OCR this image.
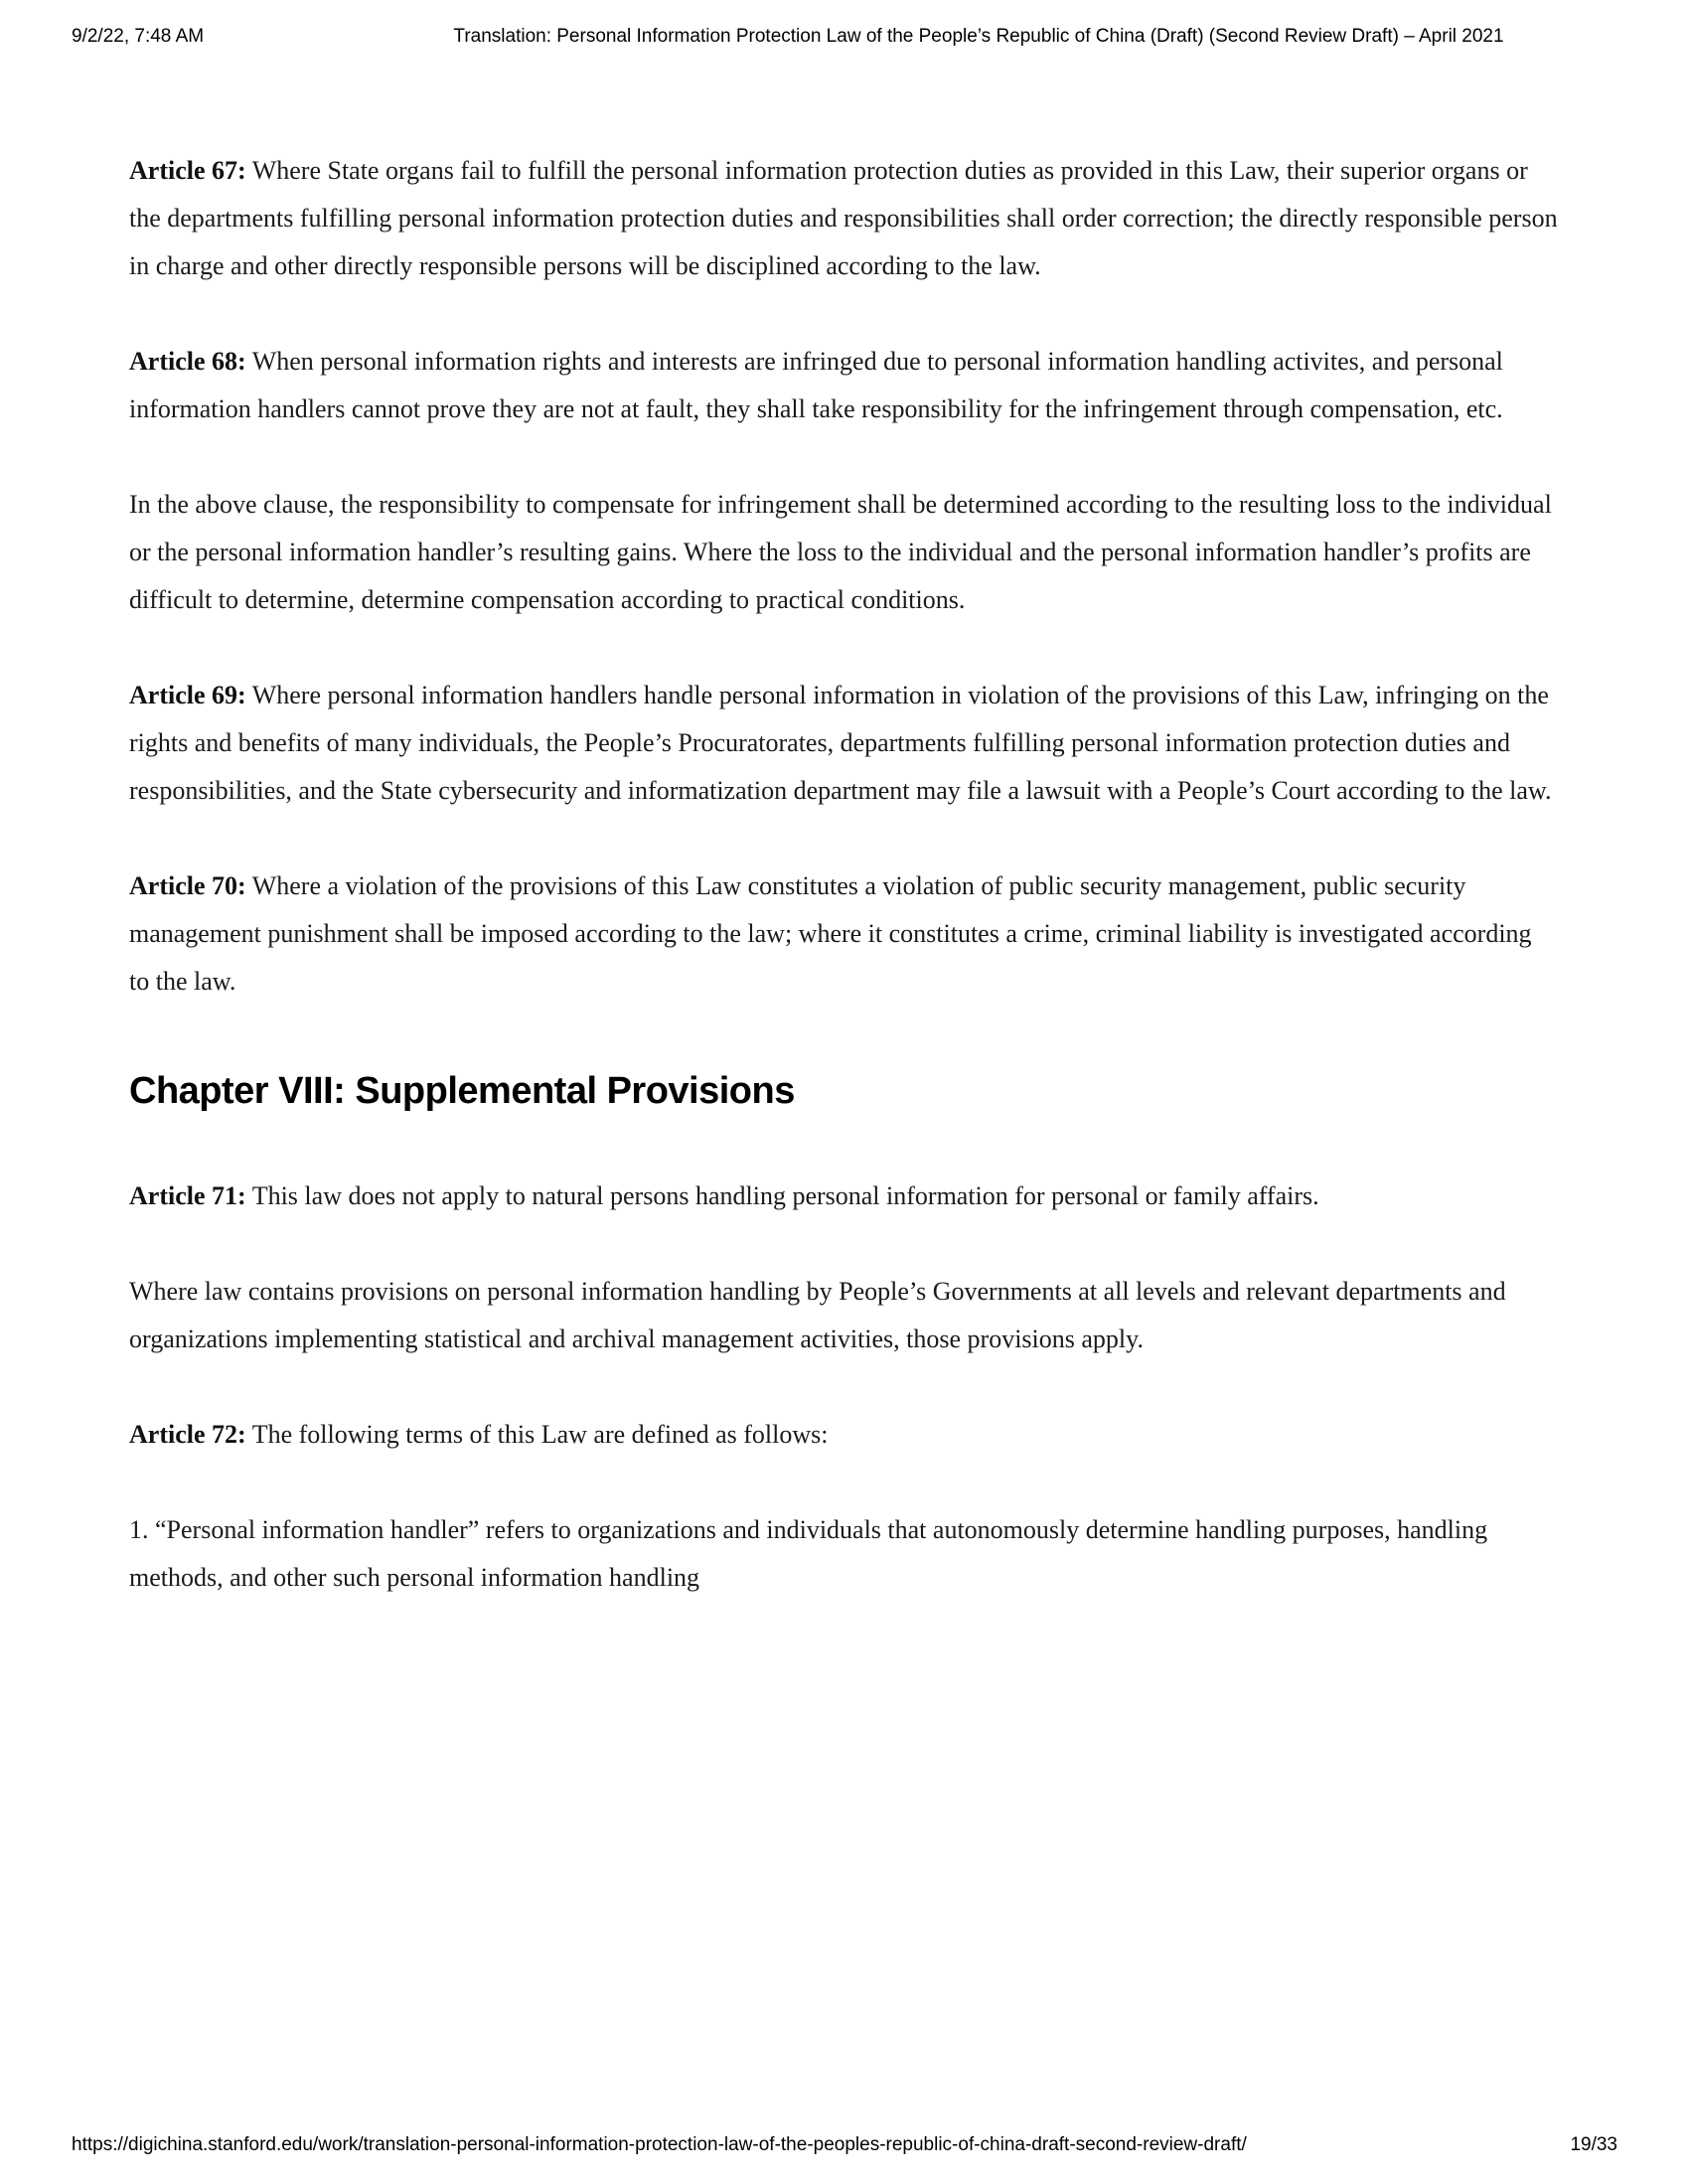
9/2/22, 7:48 AM	Translation: Personal Information Protection Law of the People’s Republic of China (Draft) (Second Review Draft) – April 2021

Article 67: Where State organs fail to fulfill the personal information protection duties as provided in this Law, their superior organs or the departments fulfilling personal information protection duties and responsibilities shall order correction; the directly responsible person in charge and other directly responsible persons will be disciplined according to the law.

Article 68: When personal information rights and interests are infringed due to personal information handling activites, and personal information handlers cannot prove they are not at fault, they shall take responsibility for the infringement through compensation, etc.

In the above clause, the responsibility to compensate for infringement shall be determined according to the resulting loss to the individual or the personal information handler’s resulting gains. Where the loss to the individual and the personal information handler’s profits are difficult to determine, determine compensation according to practical conditions.

Article 69: Where personal information handlers handle personal information in violation of the provisions of this Law, infringing on the rights and benefits of many individuals, the People’s Procuratorates, departments fulfilling personal information protection duties and responsibilities, and the State cybersecurity and informatization department may file a lawsuit with a People’s Court according to the law.

Article 70: Where a violation of the provisions of this Law constitutes a violation of public security management, public security management punishment shall be imposed according to the law; where it constitutes a crime, criminal liability is investigated according to the law.

Chapter VIII: Supplemental Provisions

Article 71: This law does not apply to natural persons handling personal information for personal or family affairs.

Where law contains provisions on personal information handling by People’s Governments at all levels and relevant departments and organizations implementing statistical and archival management activities, those provisions apply.

Article 72: The following terms of this Law are defined as follows:

1. “Personal information handler” refers to organizations and individuals that autonomously determine handling purposes, handling methods, and other such personal information handling

https://digichina.stanford.edu/work/translation-personal-information-protection-law-of-the-peoples-republic-of-china-draft-second-review-draft/	19/33
